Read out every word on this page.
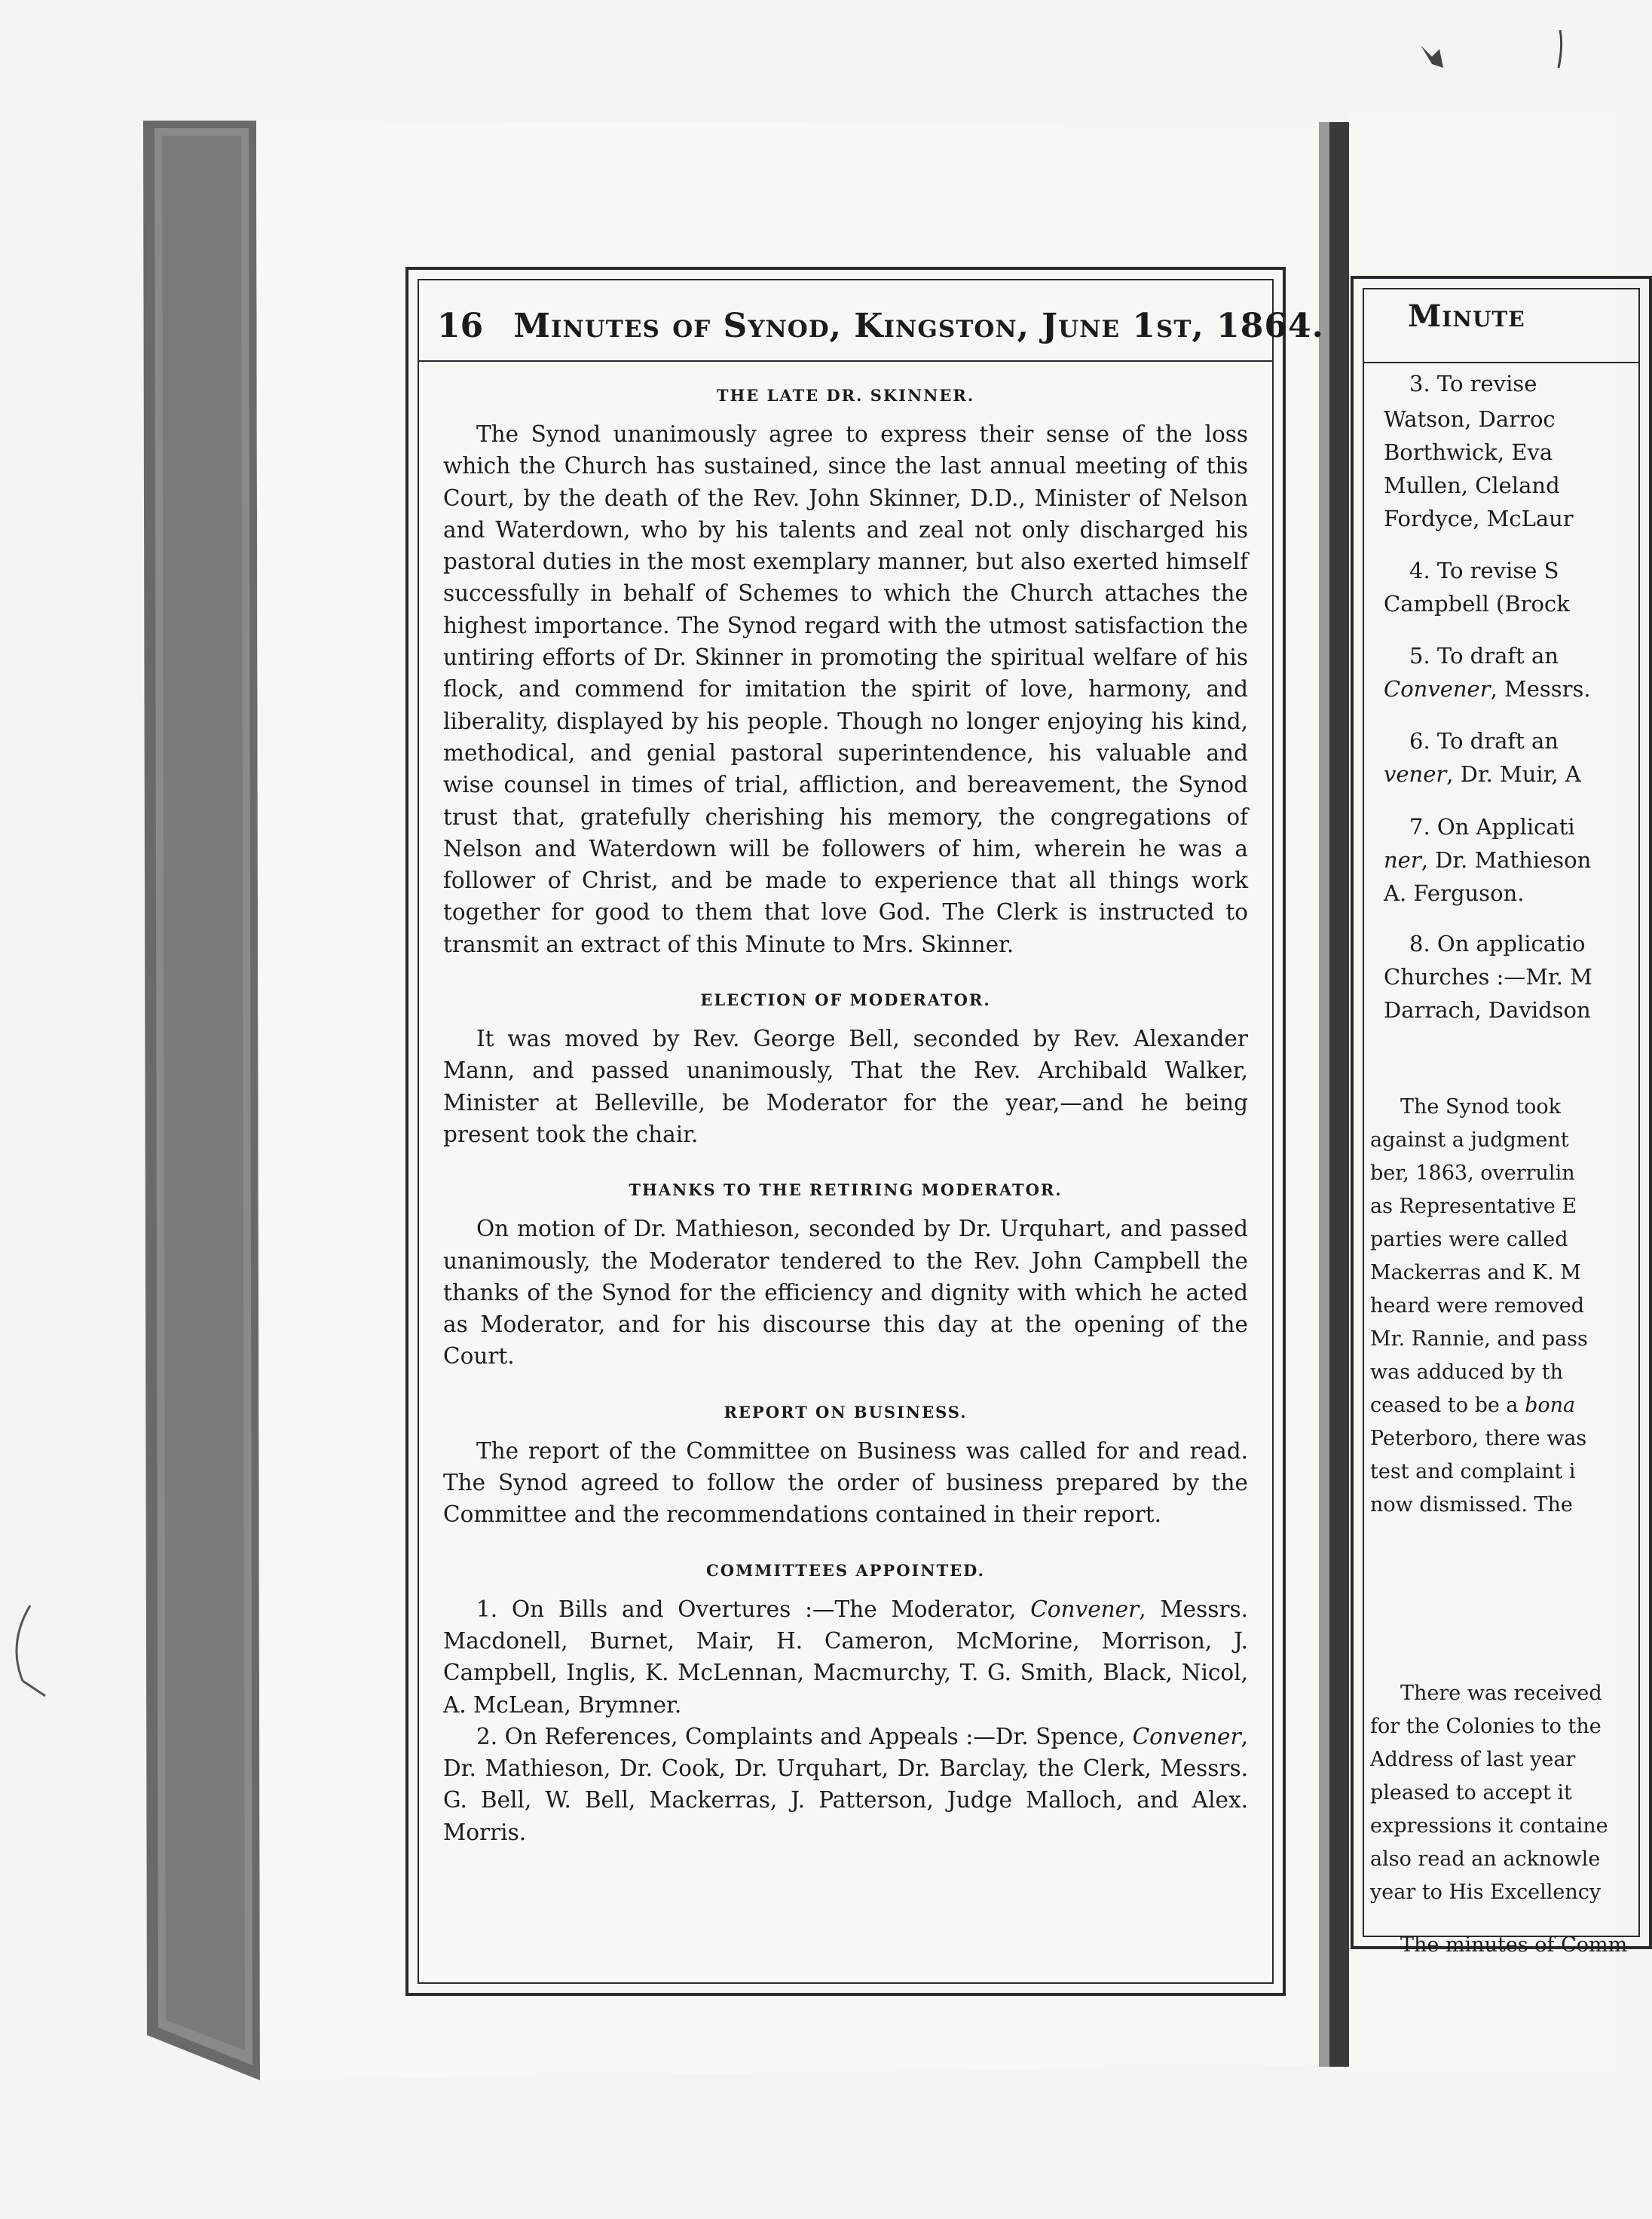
16 Minutes of Synod, Kingston, June 1st, 1864.
THE LATE DR. SKINNER.

The Synod unanimously agree to express their sense of the loss which the Church has sustained, since the last annual meeting of this Court, by the death of the Rev. John Skinner, D.D., Minister of Nelson and Waterdown, who by his talents and zeal not only discharged his pastoral duties in the most exemplary manner, but also exerted himself successfully in behalf of Schemes to which the Church attaches the highest importance. The Synod regard with the utmost satisfaction the untiring efforts of Dr. Skinner in promoting the spiritual welfare of his flock, and commend for imitation the spirit of love, harmony, and liberality, displayed by his people. Though no longer enjoying his kind, methodical, and genial pastoral superintendence, his valuable and wise counsel in times of trial, affliction, and bereavement, the Synod trust that, gratefully cherishing his memory, the congregations of Nelson and Waterdown will be followers of him, wherein he was a follower of Christ, and be made to experience that all things work together for good to them that love God. The Clerk is instructed to transmit an extract of this Minute to Mrs. Skinner.

ELECTION OF MODERATOR.

It was moved by Rev. George Bell, seconded by Rev. Alexander Mann, and passed unanimously, That the Rev. Archibald Walker, Minister at Belleville, be Moderator for the year,—and he being present took the chair.

THANKS TO THE RETIRING MODERATOR.

On motion of Dr. Mathieson, seconded by Dr. Urquhart, and passed unanimously, the Moderator tendered to the Rev. John Campbell the thanks of the Synod for the efficiency and dignity with which he acted as Moderator, and for his discourse this day at the opening of the Court.

REPORT ON BUSINESS.

The report of the Committee on Business was called for and read. The Synod agreed to follow the order of business prepared by the Committee and the recommendations contained in their report.

COMMITTEES APPOINTED.

1. On Bills and Overtures :—The Moderator, Convener, Messrs. Macdonell, Burnet, Mair, H. Cameron, McMorine, Morrison, J. Campbell, Inglis, K. McLennan, Macmurchy, T. G. Smith, Black, Nicol, A. McLean, Brymner.

2. On References, Complaints and Appeals :—Dr. Spence, Convener, Dr. Mathieson, Dr. Cook, Dr. Urquhart, Dr. Barclay, the Clerk, Messrs. G. Bell, W. Bell, Mackerras, J. Patterson, Judge Malloch, and Alex. Morris.

Minute
3. To revise
Watson, Darroc
Borthwick, Eva
Mullen, Cleland
Fordyce, McLaur
4. To revise S
Campbell (Brock
5. To draft an
Convener, Messrs.
6. To draft an
vener, Dr. Muir, A
7. On Applicati
ner, Dr. Mathieson
A. Ferguson.
8. On applicatio
Churches :—Mr. M
Darrach, Davidson
The Synod took
against a judgment
ber, 1863, overrulin
as Representative E
parties were called
Mackerras and K. M
heard were removed
Mr. Rannie, and pass
was adduced by th
ceased to be a bona
Peterboro, there was
test and complaint i
now dismissed. The
There was received
for the Colonies to the
Address of last year
pleased to accept it
expressions it containe
also read an acknowle
year to His Excellency
The minutes of Comm
